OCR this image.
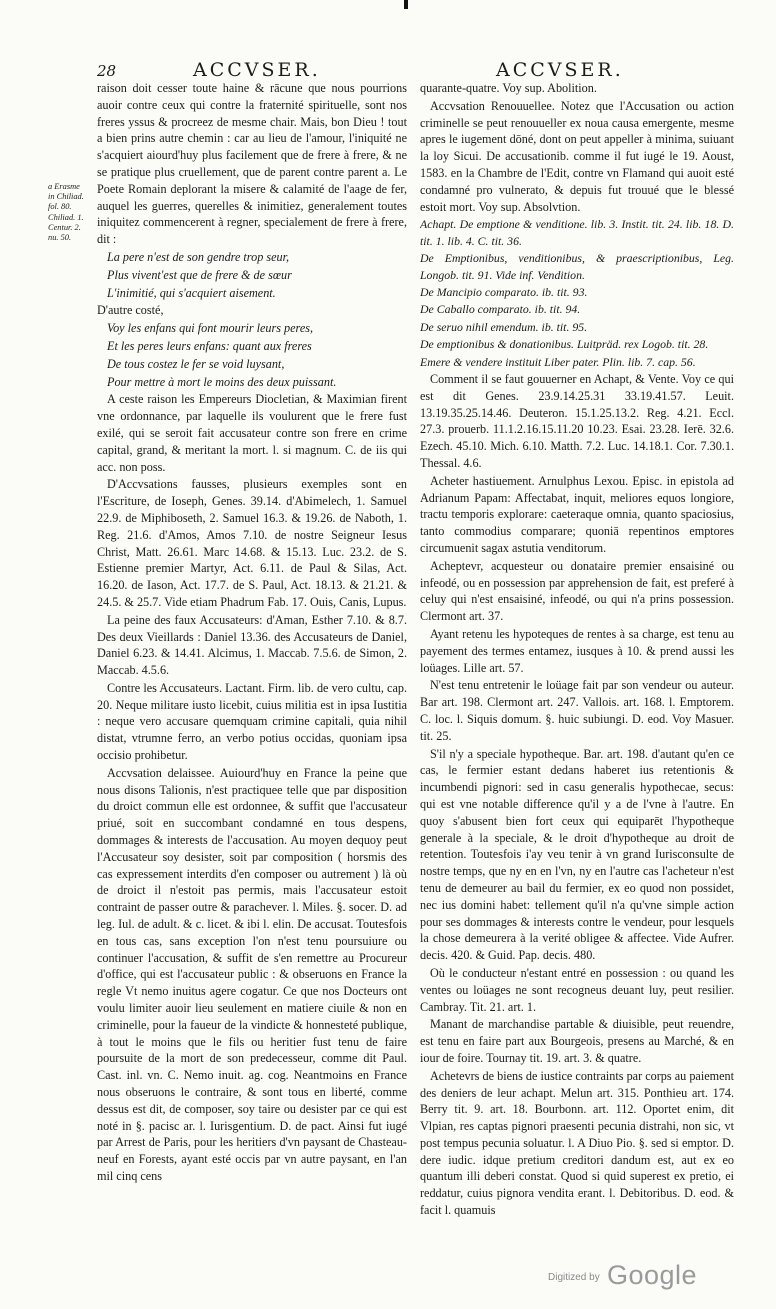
28	ACCVSER.	ACCVSER.
a Erasme
in Chiliad.
fol. 80.
Chiliad. 1.
Centur. 2.
nu. 50.

raison doit cesser toute haine & rācune que nous pourrions auoir contre ceux qui contre la fraternité spirituelle, sont nos freres yssus & procreez de mesme chair. Mais, bon Dieu ! tout a bien prins autre chemin : car au lieu de l'amour, l'iniquité ne s'acquiert aiourd'huy plus facilement que de frere à frere, & ne se pratique plus cruellement, que de parent contre parent a. Le Poete Romain deplorant la misere & calamité de l'aage de fer, auquel les guerres, querelles & inimitiez, generalement toutes iniquitez commencerent à regner, specialement de frere à frere, dit :

La pere n'est de son gendre trop seur,

Plus vivent'est que de frere & de sœur

L'inimitié, qui s'acquiert aisement.

D'autre costé,

Voy les enfans qui font mourir leurs peres,

Et les peres leurs enfans: quant aux freres

De tous costez le fer se void luysant,

Pour mettre à mort le moins des deux puissant.

A ceste raison les Empereurs Diocletian, & Maximian firent vne ordonnance, par laquelle ils voulurent que le frere fust exilé, qui se seroit fait accusateur contre son frere en crime capital, grand, & meritant la mort. l. si magnum. C. de iis qui acc. non poss.

D'Accvsations fausses, plusieurs exemples sont en l'Escriture, de Ioseph, Genes. 39.14. d'Abimelech, 1. Samuel 22.9. de Miphiboseth, 2. Samuel 16.3. & 19.26. de Naboth, 1. Reg. 21.6. d'Amos, Amos 7.10. de nostre Seigneur Iesus Christ, Matt. 26.61. Marc 14.68. & 15.13. Luc. 23.2. de S. Estienne premier Martyr, Act. 6.11. de Paul & Silas, Act. 16.20. de Iason, Act. 17.7. de S. Paul, Act. 18.13. & 21.21. & 24.5. & 25.7. Vide etiam Phadrum Fab. 17. Ouis, Canis, Lupus.

La peine des faux Accusateurs: d'Aman, Esther 7.10. & 8.7. Des deux Vieillards : Daniel 13.36. des Accusateurs de Daniel, Daniel 6.23. & 14.41. Alcimus, 1. Maccab. 7.5.6. de Simon, 2. Maccab. 4.5.6.

Contre les Accusateurs. Lactant. Firm. lib. de vero cultu, cap. 20. Neque militare iusto licebit, cuius militia est in ipsa Iustitia : neque vero accusare quemquam crimine capitali, quia nihil distat, vtrumne ferro, an verbo potius occidas, quoniam ipsa occisio prohibetur.

Accvsation delaissee. Auiourd'huy en France la peine que nous disons Talionis, n'est practiquee telle que par disposition du droict commun elle est ordonnee, & suffit que l'accusateur priué, soit en succombant condamné en tous despens, dommages & interests de l'accusation. Au moyen dequoy peut l'Accusateur soy desister, soit par composition ( horsmis des cas expressement interdits d'en composer ou autrement ) là où de droict il n'estoit pas permis, mais l'accusateur estoit contraint de passer outre & parachever. l. Miles. §. socer. D. ad leg. Iul. de adult. & c. licet. & ibi l. elin. De accusat. Toutesfois en tous cas, sans exception l'on n'est tenu poursuiure ou continuer l'accusation, & suffit de s'en remettre au Procureur d'office, qui est l'accusateur public : & obseruons en France la regle Vt nemo inuitus agere cogatur. Ce que nos Docteurs ont voulu limiter auoir lieu seulement en matiere ciuile & non en criminelle, pour la faueur de la vindicte & honnesteté publique, à tout le moins que le fils ou heritier fust tenu de faire poursuite de la mort de son predecesseur, comme dit Paul. Cast. inl. vn. C. Nemo inuit. ag. cog. Neantmoins en France nous obseruons le contraire, & sont tous en liberté, comme dessus est dit, de composer, soy taire ou desister par ce qui est noté in §. pacisc ar. l. Iurisgentium. D. de pact. Ainsi fut iugé par Arrest de Paris, pour les heritiers d'vn paysant de Chasteau-neuf en Forests, ayant esté occis par vn autre paysant, en l'an mil cinq cens

quarante-quatre. Voy sup. Abolition.

Accvsation Renouuellee. Notez que l'Accusation ou action criminelle se peut renouueller ex noua causa emergente, mesme apres le iugement dōné, dont on peut appeller à minima, suiuant la loy Sicui. De accusationib. comme il fut iugé le 19. Aoust, 1583. en la Chambre de l'Edit, contre vn Flamand qui auoit esté condamné pro vulnerato, & depuis fut trouué que le blessé estoit mort. Voy sup. Absolvtion.

Achapt. De emptione & venditione. lib. 3. Instit. tit. 24. lib. 18. D. tit. 1. lib. 4. C. tit. 36.

De Emptionibus, venditionibus, & praescriptionibus, Leg. Longob. tit. 91. Vide inf. Vendition.

De Mancipio comparato. ib. tit. 93.

De Caballo comparato. ib. tit. 94.

De seruo nihil emendum. ib. tit. 95.

De emptionibus & donationibus. Luitpräd. rex Logob. tit. 28.

Emere & vendere instituit Liber pater. Plin. lib. 7. cap. 56.

Comment il se faut gouuerner en Achapt, & Vente. Voy ce qui est dit Genes. 23.9.14.25.31 33.19.41.57. Leuit. 13.19.35.25.14.46. Deuteron. 15.1.25.13.2. Reg. 4.21. Eccl. 27.3. prouerb. 11.1.2.16.15.11.20 10.23. Esai. 23.28. Ierē. 32.6. Ezech. 45.10. Mich. 6.10. Matth. 7.2. Luc. 14.18.1. Cor. 7.30.1. Thessal. 4.6.

Acheter hastiuement. Arnulphus Lexou. Episc. in epistola ad Adrianum Papam: Affectabat, inquit, meliores equos longiore, tractu temporis explorare: caeteraque omnia, quanto spaciosius, tanto commodius comparare; quoniā repentinos emptores circumuenit sagax astutia venditorum.

Acheptevr, acquesteur ou donataire premier ensaisiné ou infeodé, ou en possession par apprehension de fait, est preferé à celuy qui n'est ensaisiné, infeodé, ou qui n'a prins possession. Clermont art. 37.

Ayant retenu les hypoteques de rentes à sa charge, est tenu au payement des termes entamez, iusques à 10. & prend aussi les loüages. Lille art. 57.

N'est tenu entretenir le loüage fait par son vendeur ou auteur. Bar art. 198. Clermont art. 247. Vallois. art. 168. l. Emptorem. C. loc. l. Siquis domum. §. huic subiungi. D. eod. Voy Masuer. tit. 25.

S'il n'y a speciale hypotheque. Bar. art. 198. d'autant qu'en ce cas, le fermier estant dedans haberet ius retentionis & incumbendi pignori: sed in casu generalis hypothecae, secus: qui est vne notable difference qu'il y a de l'vne à l'autre. En quoy s'abusent bien fort ceux qui equiparēt l'hypotheque generale à la speciale, & le droit d'hypotheque au droit de retention. Toutesfois i'ay veu tenir à vn grand Iurisconsulte de nostre temps, que ny en en l'vn, ny en l'autre cas l'acheteur n'est tenu de demeurer au bail du fermier, ex eo quod non possidet, nec ius domini habet: tellement qu'il n'a qu'vne simple action pour ses dommages & interests contre le vendeur, pour lesquels la chose demeurera à la verité obligee & affectee. Vide Aufrer. decis. 420. & Guid. Pap. decis. 480.

Où le conducteur n'estant entré en possession : ou quand les ventes ou loüages ne sont recogneus deuant luy, peut resilier. Cambray. Tit. 21. art. 1.

Manant de marchandise partable & diuisible, peut reuendre, est tenu en faire part aux Bourgeois, presens au Marché, & en iour de foire. Tournay tit. 19. art. 3. & quatre.

Achetevrs de biens de iustice contraints par corps au paiement des deniers de leur achapt. Melun art. 315. Ponthieu art. 174. Berry tit. 9. art. 18. Bourbonn. art. 112. Oportet enim, dit Vlpian, res captas pignori praesenti pecunia distrahi, non sic, vt post tempus pecunia soluatur. l. A Diuo Pio. §. sed si emptor. D. dere iudic. idque pretium creditori dandum est, aut ex eo quantum illi deberi constat. Quod si quid superest ex pretio, ei reddatur, cuius pignora vendita erant. l. Debitoribus. D. eod. & facit l. quamuis

Digitized by Google
